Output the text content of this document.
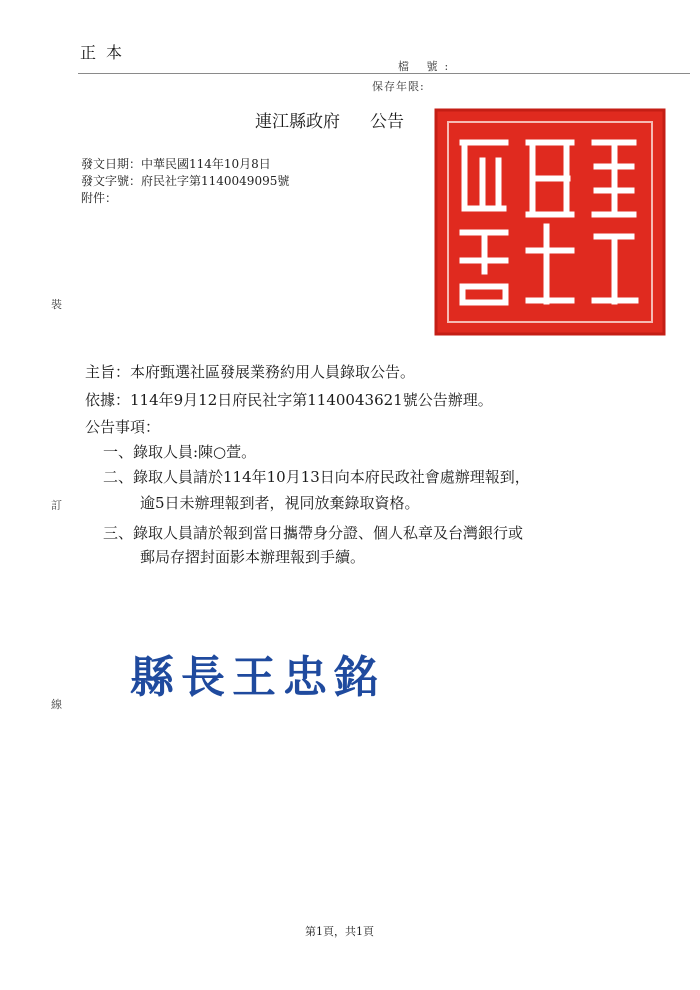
正本
檔 號:
保存年限:
連江縣政府 公告
發文日期：中華民國114年10月8日
發文字號：府民社字第1140049095號
附件：
裝
訂
線
主旨：本府甄選社區發展業務約用人員錄取公告。
依據：114年9月12日府民社字第1140043621號公告辦理。
公告事項：
一、錄取人員:陳○萱。
二、錄取人員請於114年10月13日向本府民政社會處辦理報到，
逾5日未辦理報到者，視同放棄錄取資格。
三、錄取人員請於報到當日攜帶身分證、個人私章及台灣銀行或
郵局存摺封面影本辦理報到手續。
縣長王忠銘
第1頁，共1頁
